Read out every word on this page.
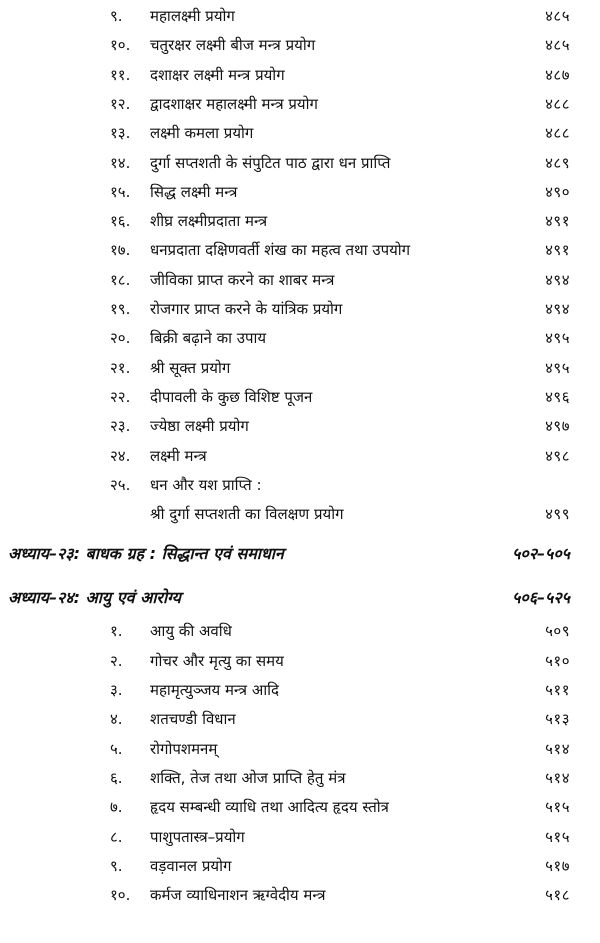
९. महालक्ष्मी प्रयोग	४८५
१०. चतुरक्षर लक्ष्मी बीज मन्त्र प्रयोग	४८५
११. दशाक्षर लक्ष्मी मन्त्र प्रयोग	४८७
१२. द्वादशाक्षर महालक्ष्मी मन्त्र प्रयोग	४८८
१३. लक्ष्मी कमला प्रयोग	४८८
१४. दुर्गा सप्तशती के संपुटित पाठ द्वारा धन प्राप्ति	४८९
१५. सिद्ध लक्ष्मी मन्त्र	४९०
१६. शीघ्र लक्ष्मीप्रदाता मन्त्र	४९१
१७. धनप्रदाता दक्षिणवर्ती शंख का महत्व तथा उपयोग	४९१
१८. जीविका प्राप्त करने का शाबर मन्त्र	४९४
१९. रोजगार प्राप्त करने के यांत्रिक प्रयोग	४९४
२०. बिक्री बढ़ाने का उपाय	४९५
२१. श्री सूक्त प्रयोग	४९५
२२. दीपावली के कुछ विशिष्ट पूजन	४९६
२३. ज्येष्ठा लक्ष्मी प्रयोग	४९७
२४. लक्ष्मी मन्त्र	४९८
२५. धन और यश प्राप्ति :
श्री दुर्गा सप्तशती का विलक्षण प्रयोग	४९९
अध्याय–२३: बाधक ग्रह : सिद्धान्त एवं समाधान	५०२–५०५
अध्याय–२४: आयु एवं आरोग्य	५०६–५२५
१. आयु की अवधि	५०९
२. गोचर और मृत्यु का समय	५१०
३. महामृत्युञ्जय मन्त्र आदि	५११
४. शतचण्डी विधान	५१३
५. रोगोपशमनम्	५१४
६. शक्ति, तेज तथा ओज प्राप्ति हेतु मंत्र	५१४
७. हृदय सम्बन्धी व्याधि तथा आदित्य हृदय स्तोत्र	५१५
८. पाशुपतास्त्र–प्रयोग	५१५
९. वड़वानल प्रयोग	५१७
१०. कर्मज व्याधिनाशन ऋग्वेदीय मन्त्र	५१८
